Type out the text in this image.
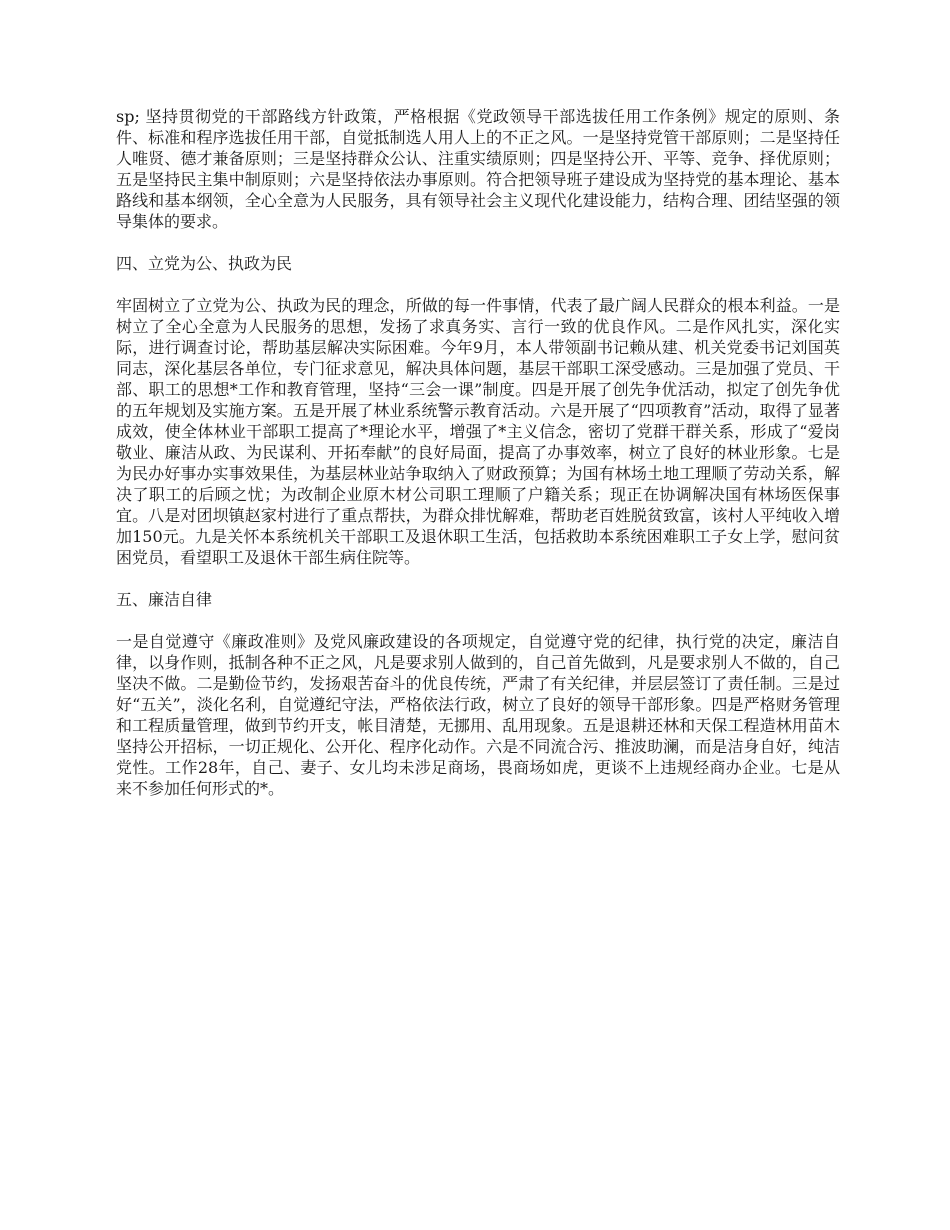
sp; 坚持贯彻党的干部路线方针政策，严格根据《党政领导干部选拔任用工作条例》规定的原则、条件、标准和程序选拔任用干部，自觉抵制选人用人上的不正之风。一是坚持党管干部原则；二是坚持任人唯贤、德才兼备原则；三是坚持群众公认、注重实绩原则；四是坚持公开、平等、竞争、择优原则；五是坚持民主集中制原则；六是坚持依法办事原则。符合把领导班子建设成为坚持党的基本理论、基本路线和基本纲领，全心全意为人民服务，具有领导社会主义现代化建设能力，结构合理、团结坚强的领导集体的要求。

四、立党为公、执政为民

牢固树立了立党为公、执政为民的理念，所做的每一件事情，代表了最广阔人民群众的根本利益。一是树立了全心全意为人民服务的思想，发扬了求真务实、言行一致的优良作风。二是作风扎实，深化实际，进行调查讨论，帮助基层解决实际困难。今年9月，本人带领副书记赖从建、机关党委书记刘国英同志，深化基层各单位，专门征求意见，解决具体问题，基层干部职工深受感动。三是加强了党员、干部、职工的思想*工作和教育管理，坚持“三会一课”制度。四是开展了创先争优活动，拟定了创先争优的五年规划及实施方案。五是开展了林业系统警示教育活动。六是开展了“四项教育”活动，取得了显著成效，使全体林业干部职工提高了*理论水平，增强了*主义信念，密切了党群干群关系，形成了“爱岗敬业、廉洁从政、为民谋利、开拓奉献”的良好局面，提高了办事效率，树立了良好的林业形象。七是为民办好事办实事效果佳，为基层林业站争取纳入了财政预算；为国有林场土地工理顺了劳动关系，解决了职工的后顾之忧；为改制企业原木材公司职工理顺了户籍关系；现正在协调解决国有林场医保事宜。八是对团坝镇赵家村进行了重点帮扶，为群众排忧解难，帮助老百姓脱贫致富，该村人平纯收入增加150元。九是关怀本系统机关干部职工及退休职工生活，包括救助本系统困难职工子女上学，慰问贫困党员，看望职工及退休干部生病住院等。

五、廉洁自律

一是自觉遵守《廉政准则》及党风廉政建设的各项规定，自觉遵守党的纪律，执行党的决定，廉洁自律，以身作则，抵制各种不正之风，凡是要求别人做到的，自己首先做到，凡是要求别人不做的，自己坚决不做。二是勤俭节约，发扬艰苦奋斗的优良传统，严肃了有关纪律，并层层签订了责任制。三是过好“五关”，淡化名利，自觉遵纪守法，严格依法行政，树立了良好的领导干部形象。四是严格财务管理和工程质量管理，做到节约开支，帐目清楚，无挪用、乱用现象。五是退耕还林和天保工程造林用苗木坚持公开招标，一切正规化、公开化、程序化动作。六是不同流合污、推波助澜，而是洁身自好，纯洁党性。工作28年，自己、妻子、女儿均未涉足商场，畏商场如虎，更谈不上违规经商办企业。七是从来不参加任何形式的*。
